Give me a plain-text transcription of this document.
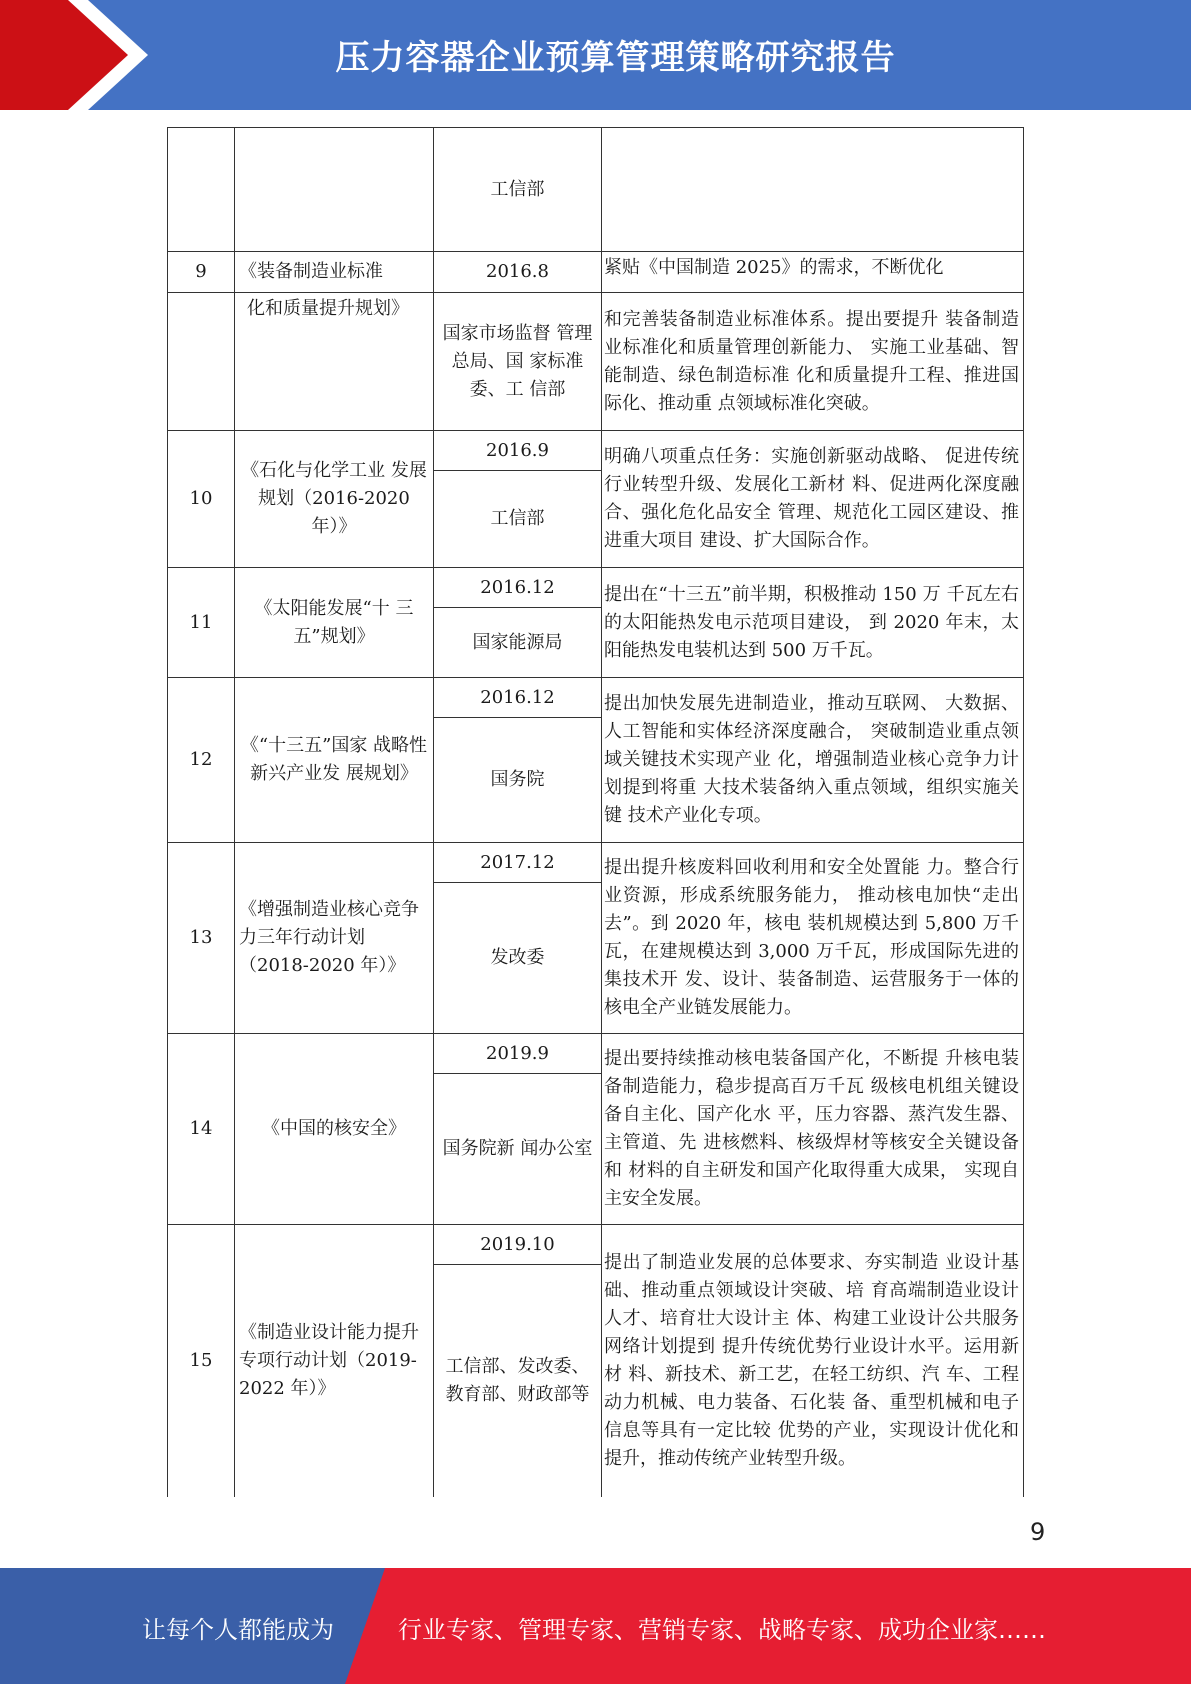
压力容器企业预算管理策略研究报告
		工信部	
9	《装备制造业标准	2016.8	紧贴《中国制造 2025》的需求，不断优化
	化和质量提升规划》	国家市场监督 管理总局、国 家标准委、工 信部	和完善装备制造业标准体系。提出要提升 装备制造业标准化和质量管理创新能力、 实施工业基础、智能制造、绿色制造标准 化和质量提升工程、推进国际化、推动重 点领域标准化突破。
10	《石化与化学工业 发展规划（2016-2020 年）》	2016.9	明确八项重点任务：实施创新驱动战略、 促进传统行业转型升级、发展化工新材 料、促进两化深度融合、强化危化品安全 管理、规范化工园区建设、推进重大项目 建设、扩大国际合作。
		工信部	
11	《太阳能发展“十 三五”规划》	2016.12	提出在“十三五”前半期，积极推动 150 万 千瓦左右的太阳能热发电示范项目建设， 到 2020 年末，太阳能热发电装机达到 500 万千瓦。
		国家能源局	
12	《“十三五”国家 战略性新兴产业发 展规划》	2016.12	提出加快发展先进制造业，推动互联网、 大数据、人工智能和实体经济深度融合， 突破制造业重点领域关键技术实现产业 化，增强制造业核心竞争力计划提到将重 大技术装备纳入重点领域，组织实施关键 技术产业化专项。
		国务院	
13	《增强制造业核心竞争力三年行动计划（2018-2020 年）》	2017.12	提出提升核废料回收利用和安全处置能 力。整合行业资源，形成系统服务能力， 推动核电加快“走出去”。到 2020 年，核电 装机规模达到 5,800 万千瓦，在建规模达到 3,000 万千瓦，形成国际先进的集技术开 发、设计、装备制造、运营服务于一体的 核电全产业链发展能力。
		发改委	
14	《中国的核安全》	2019.9	提出要持续推动核电装备国产化，不断提 升核电装备制造能力，稳步提高百万千瓦 级核电机组关键设备自主化、国产化水 平，压力容器、蒸汽发生器、主管道、先 进核燃料、核级焊材等核安全关键设备和 材料的自主研发和国产化取得重大成果， 实现自主安全发展。
		国务院新 闻办公室	
15	《制造业设计能力提升专项行动计划（2019-2022 年）》	2019.10	提出了制造业发展的总体要求、夯实制造 业设计基础、推动重点领域设计突破、培 育高端制造业设计人才、培育壮大设计主 体、构建工业设计公共服务网络计划提到 提升传统优势行业设计水平。运用新材 料、新技术、新工艺，在轻工纺织、汽 车、工程动力机械、电力装备、石化装 备、重型机械和电子信息等具有一定比较 优势的产业，实现设计优化和提升，推动传统产业转型升级。
		工信部、发改委、教育部、财政部等	
9
让每个人都能成为	行业专家、管理专家、营销专家、战略专家、成功企业家……
